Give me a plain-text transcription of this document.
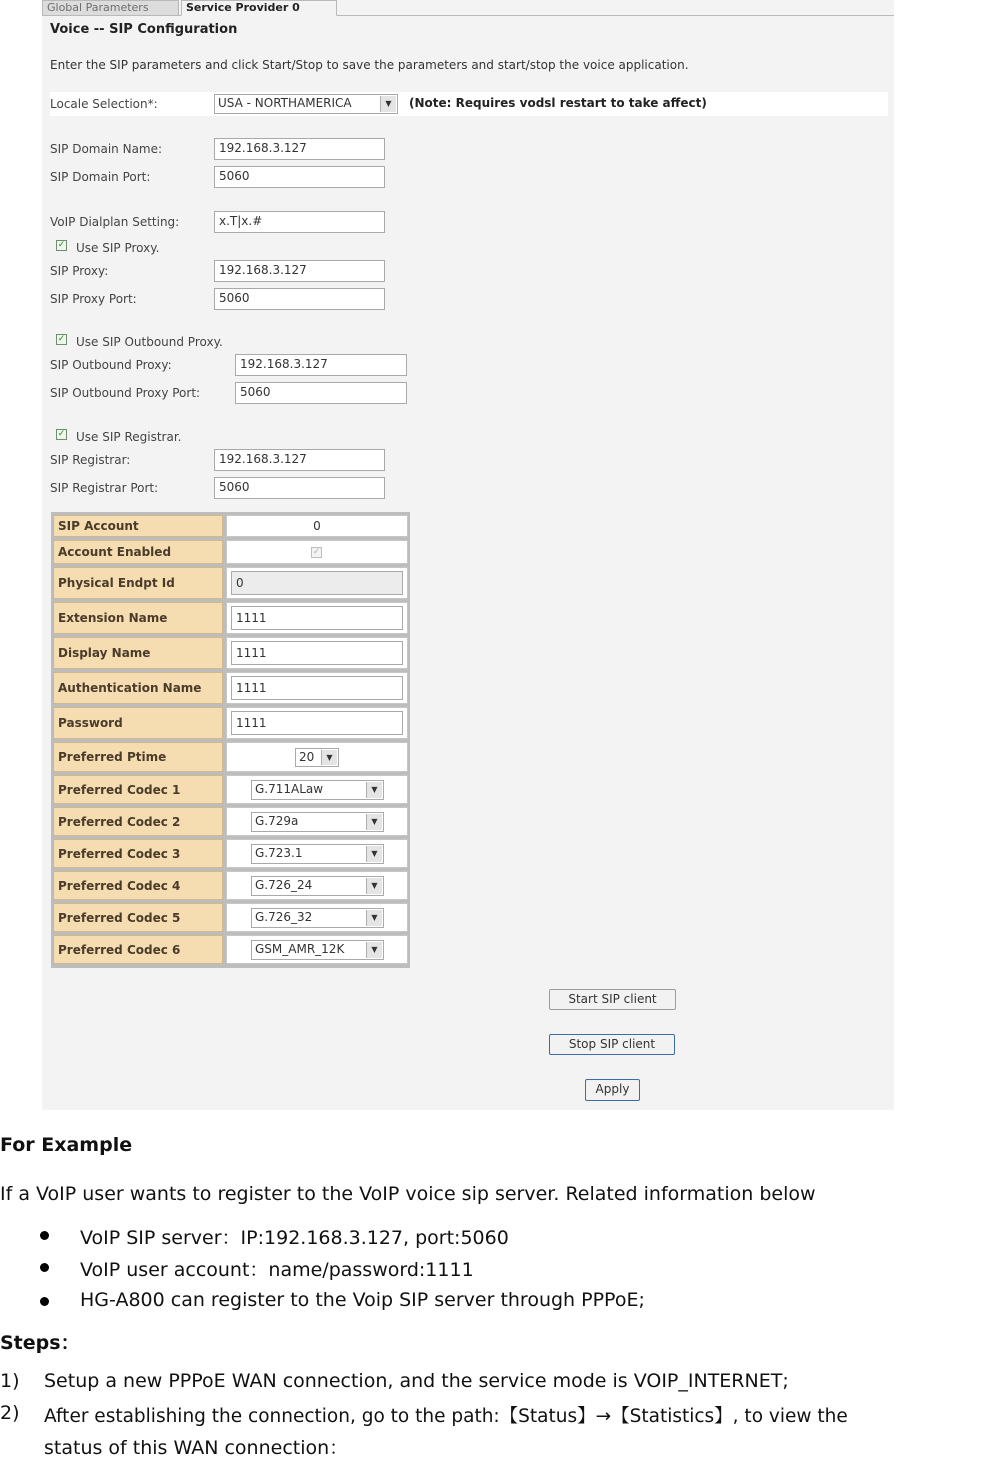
Global Parameters	Service Provider 0
Voice -- SIP Configuration
Enter the SIP parameters and click Start/Stop to save the parameters and start/stop the voice application.
Locale Selection*:	USA - NORTHAMERICA	▼	(Note: Requires vodsl restart to take affect)
SIP Domain Name:	192.168.3.127
SIP Domain Port:	5060
VoIP Dialplan Setting:	x.T|x.#
✓ Use SIP Proxy.
SIP Proxy:	192.168.3.127
SIP Proxy Port:	5060
✓ Use SIP Outbound Proxy.
SIP Outbound Proxy:	192.168.3.127
SIP Outbound Proxy Port:	5060
✓ Use SIP Registrar.
SIP Registrar:	192.168.3.127
SIP Registrar Port:	5060
SIP Account	0
Account Enabled	✓
Physical Endpt Id	0
Extension Name	1111
Display Name	1111
Authentication Name	1111
Password	1111
Preferred Ptime	20	▼
Preferred Codec 1	G.711ALaw	▼
Preferred Codec 2	G.729a	▼
Preferred Codec 3	G.723.1	▼
Preferred Codec 4	G.726_24	▼
Preferred Codec 5	G.726_32	▼
Preferred Codec 6	GSM_AMR_12K	▼
Start SIP client
Stop SIP client
Apply
For Example
If a VoIP user wants to register to the VoIP voice sip server. Related information below
VoIP SIP server：IP:192.168.3.127, port:5060
VoIP user account：name/password:1111
HG-A800 can register to the Voip SIP server through PPPoE;
Steps：
1) Setup a new PPPoE WAN connection, and the service mode is VOIP_INTERNET;
2) After establishing the connection, go to the path:【Status】→【Statistics】, to view the
status of this WAN connection：
